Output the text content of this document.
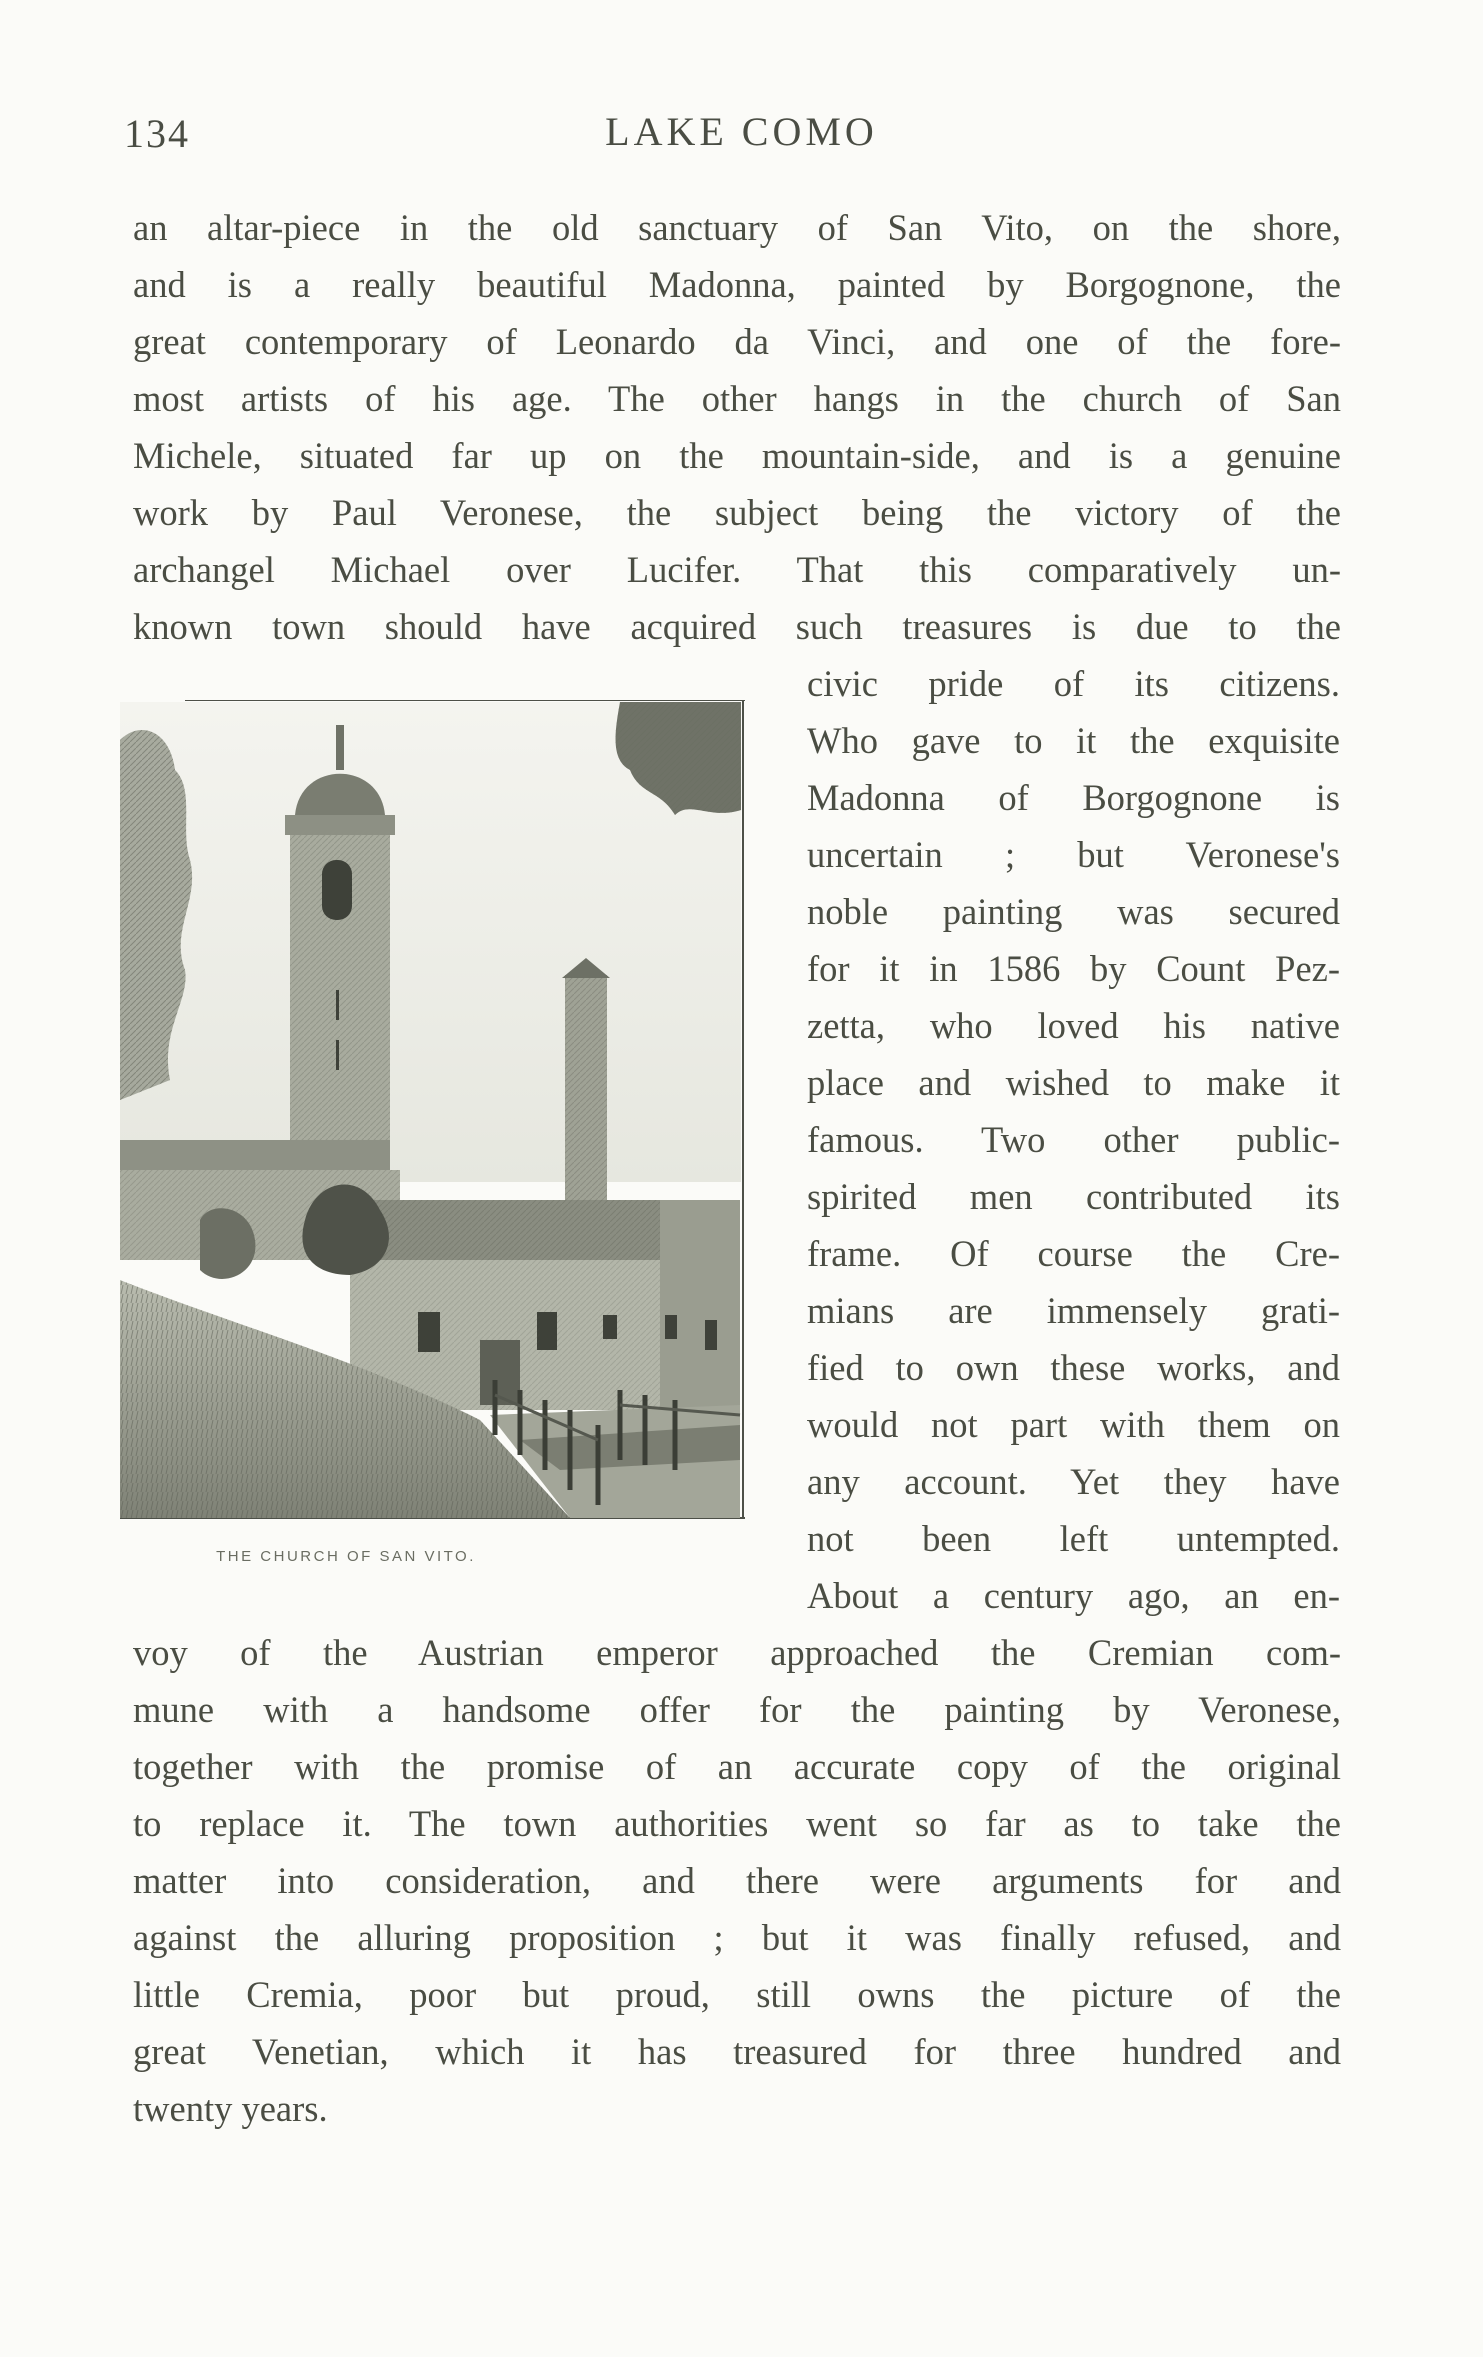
134	LAKE COMO
an altar-piece in the old sanctuary of San Vito, on the shore,
and is a really beautiful Madonna, painted by Borgognone, the
great contemporary of Leonardo da Vinci, and one of the fore-
most artists of his age. The other hangs in the church of San
Michele, situated far up on the mountain-side, and is a genuine
work by Paul Veronese, the subject being the victory of the
archangel Michael over Lucifer. That this comparatively un-
known town should have acquired such treasures is due to the
civic pride of its citizens.
Who gave to it the exquisite
Madonna of Borgognone is
uncertain ; but Veronese's
noble painting was secured
for it in 1586 by Count Pez-
zetta, who loved his native
place and wished to make it
famous. Two other public-
spirited men contributed its
frame. Of course the Cre-
mians are immensely grati-
fied to own these works, and
would not part with them on
any account. Yet they have
not been left untempted.
About a century ago, an en-
voy of the Austrian emperor approached the Cremian com-
mune with a handsome offer for the painting by Veronese,
together with the promise of an accurate copy of the original
to replace it. The town authorities went so far as to take the
matter into consideration, and there were arguments for and
against the alluring proposition ; but it was finally refused, and
little Cremia, poor but proud, still owns the picture of the
great Venetian, which it has treasured for three hundred and
twenty years.
THE CHURCH OF SAN VITO.
